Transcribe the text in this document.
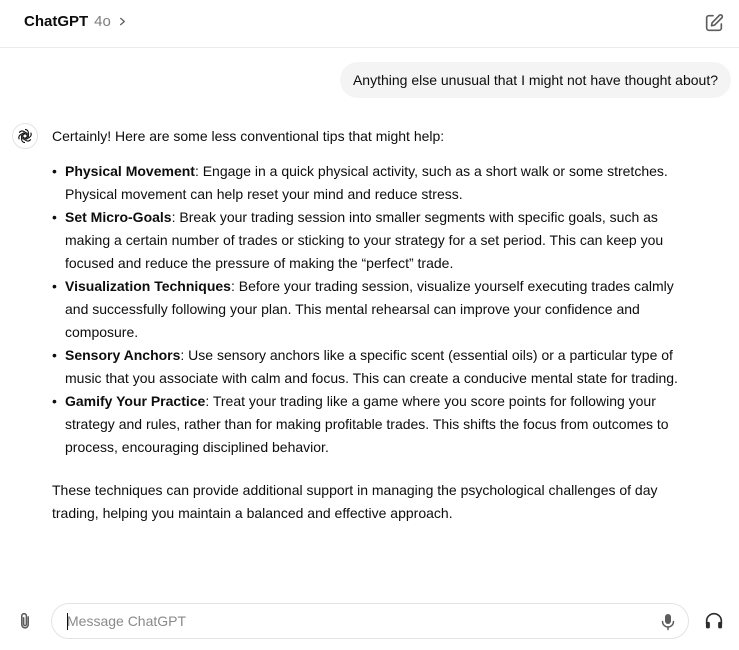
ChatGPT 4o
Anything else unusual that I might not have thought about?

Certainly! Here are some less conventional tips that might help:

• Physical Movement: Engage in a quick physical activity, such as a short walk or some stretches. Physical movement can help reset your mind and reduce stress.
• Set Micro-Goals: Break your trading session into smaller segments with specific goals, such as making a certain number of trades or sticking to your strategy for a set period. This can keep you focused and reduce the pressure of making the “perfect” trade.
• Visualization Techniques: Before your trading session, visualize yourself executing trades calmly and successfully following your plan. This mental rehearsal can improve your confidence and composure.
• Sensory Anchors: Use sensory anchors like a specific scent (essential oils) or a particular type of music that you associate with calm and focus. This can create a conducive mental state for trading.
• Gamify Your Practice: Treat your trading like a game where you score points for following your strategy and rules, rather than for making profitable trades. This shifts the focus from outcomes to process, encouraging disciplined behavior.

These techniques can provide additional support in managing the psychological challenges of day trading, helping you maintain a balanced and effective approach.

Message ChatGPT
